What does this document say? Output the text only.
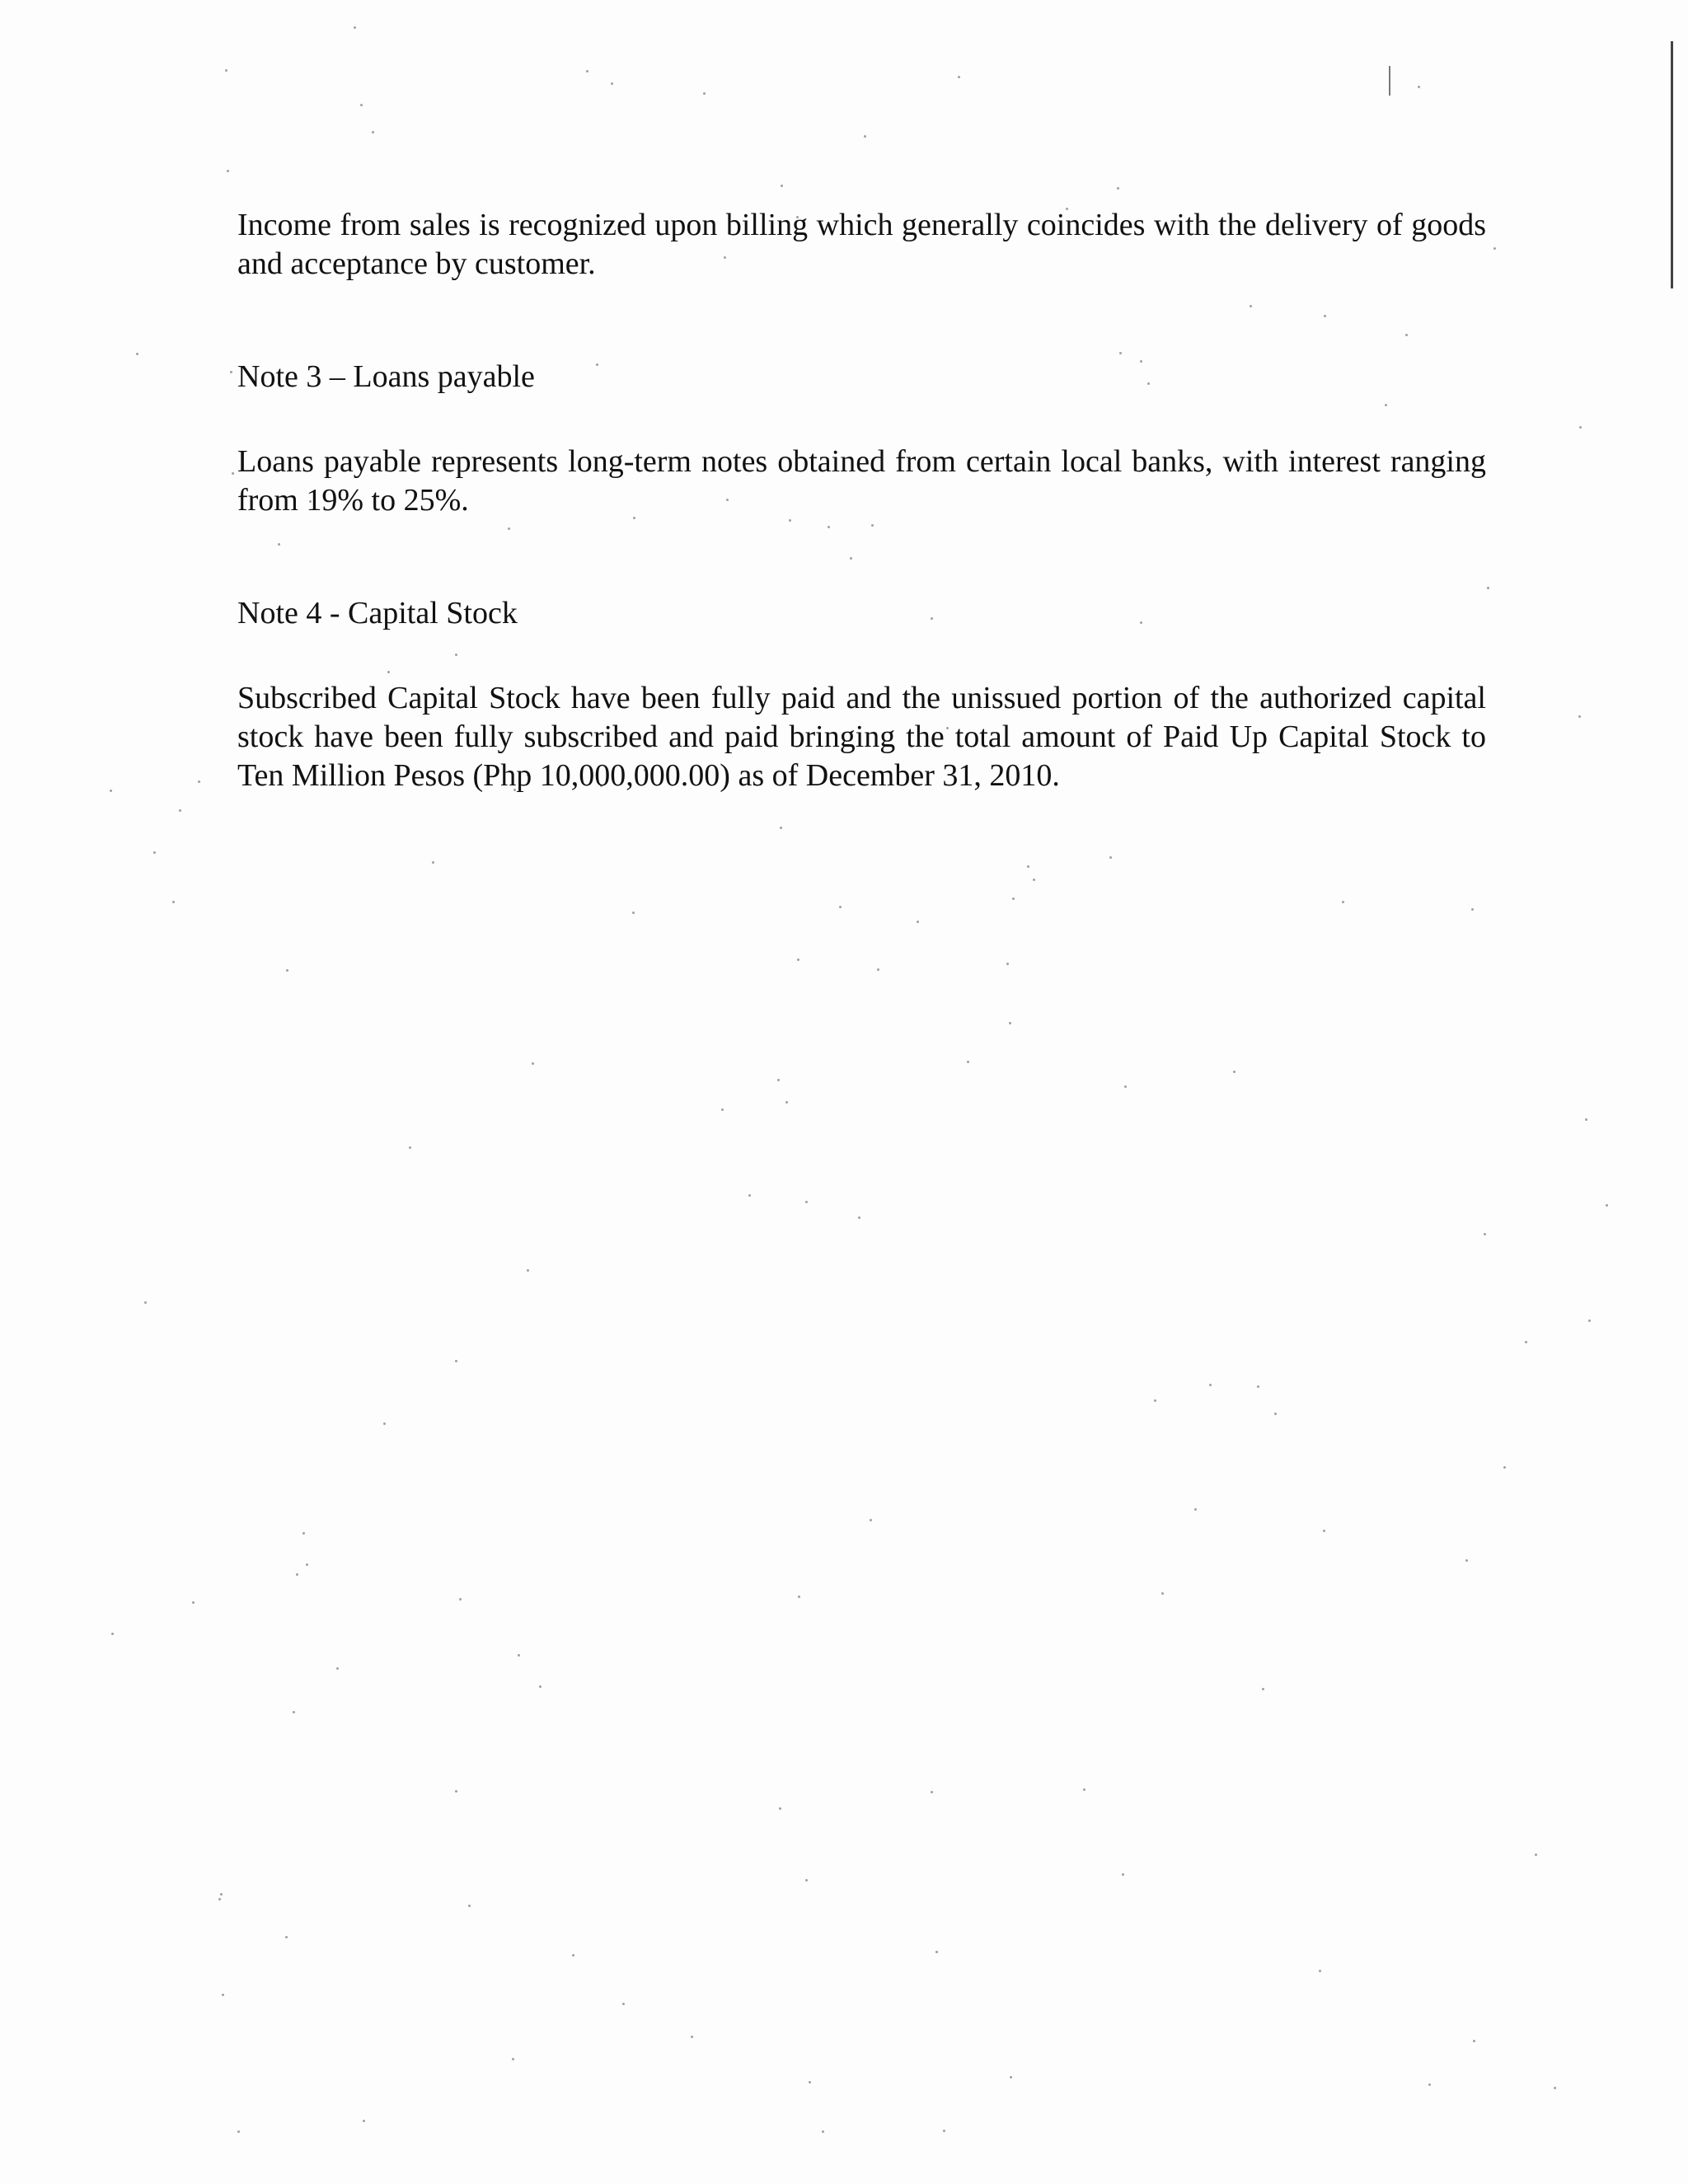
Income from sales is recognized upon billing which generally coincides with the delivery of goods and acceptance by customer.

Note 3 – Loans payable

Loans payable represents long-term notes obtained from certain local banks, with interest ranging from 19% to 25%.

Note 4 - Capital Stock

Subscribed Capital Stock have been fully paid and the unissued portion of the authorized capital stock have been fully subscribed and paid bringing the total amount of Paid Up Capital Stock to Ten Million Pesos (Php 10,000,000.00) as of December 31, 2010.
